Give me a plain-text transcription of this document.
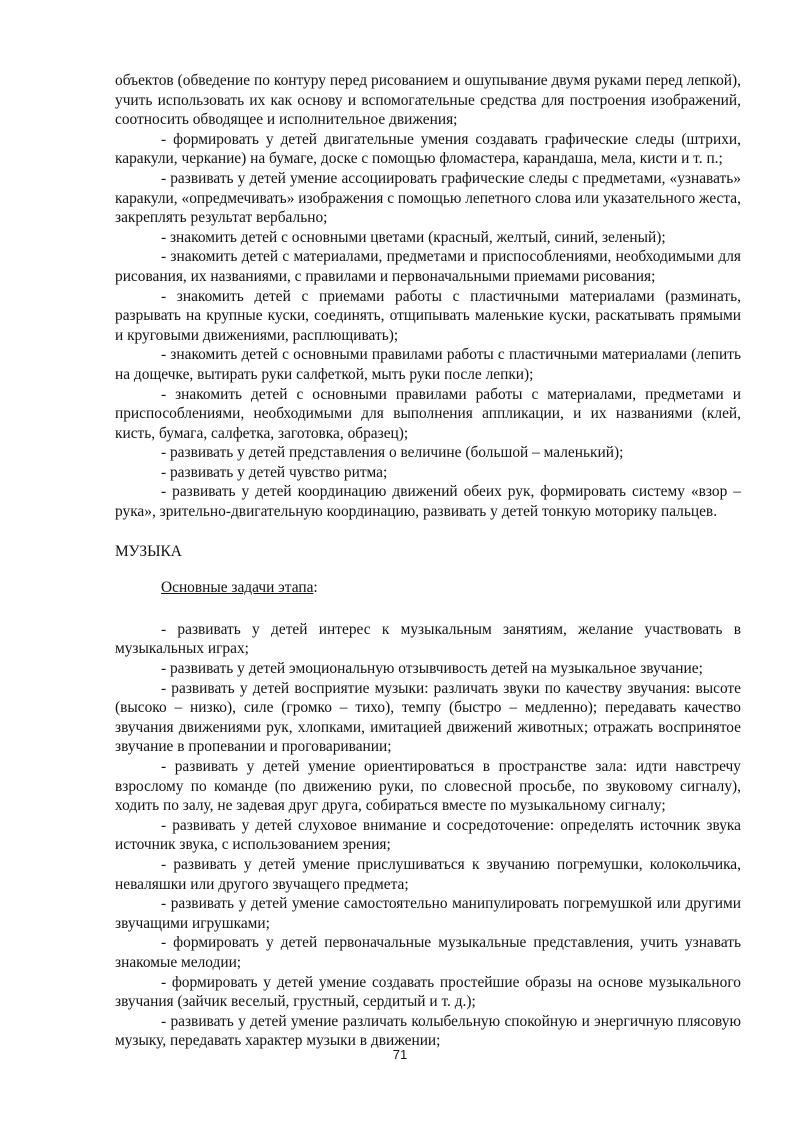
объектов (обведение по контуру перед рисованием и ошупывание двумя руками перед лепкой), учить использовать их как основу и вспомогательные средства для построения изображений, соотносить обводящее и исполнительное движения;

- формировать у детей двигательные умения создавать графические следы (штрихи, каракули, черкание) на бумаге, доске с помощью фломастера, карандаша, мела, кисти и т. п.;

- развивать у детей умение ассоциировать графические следы с предметами, «узнавать» каракули, «опредмечивать» изображения с помощью лепетного слова или указательного жеста, закреплять результат вербально;

- знакомить детей с основными цветами (красный, желтый, синий, зеленый);

- знакомить детей с материалами, предметами и приспособлениями, необходимыми для рисования, их названиями, с правилами и первоначальными приемами рисования;

- знакомить детей с приемами работы с пластичными материалами (разминать, разрывать на крупные куски, соединять, отщипывать маленькие куски, раскатывать прямыми и круговыми движениями, расплющивать);

- знакомить детей с основными правилами работы с пластичными материалами (лепить на дощечке, вытирать руки салфеткой, мыть руки после лепки);

- знакомить детей с основными правилами работы с материалами, предметами и приспособлениями, необходимыми для выполнения аппликации, и их названиями (клей, кисть, бумага, салфетка, заготовка, образец);

- развивать у детей представления о величине (большой – маленький);

- развивать у детей чувство ритма;

- развивать у детей координацию движений обеих рук, формировать систему «взор – рука», зрительно-двигательную координацию, развивать у детей тонкую моторику пальцев.

МУЗЫКА

Основные задачи этапа:

- развивать у детей интерес к музыкальным занятиям, желание участвовать в музыкальных играх;

- развивать у детей эмоциональную отзывчивость детей на музыкальное звучание;

- развивать у детей восприятие музыки: различать звуки по качеству звучания: высоте (высоко – низко), силе (громко – тихо), темпу (быстро – медленно); передавать качество звучания движениями рук, хлопками, имитацией движений животных; отражать воспринятое звучание в пропевании и проговаривании;

- развивать у детей умение ориентироваться в пространстве зала: идти навстречу взрослому по команде (по движению руки, по словесной просьбе, по звуковому сигналу), ходить по залу, не задевая друг друга, собираться вместе по музыкальному сигналу;

- развивать у детей слуховое внимание и сосредоточение: определять источник звука источник звука, с использованием зрения;

- развивать у детей умение прислушиваться к звучанию погремушки, колокольчика, неваляшки или другого звучащего предмета;

- развивать у детей умение самостоятельно манипулировать погремушкой или другими звучащими игрушками;

- формировать у детей первоначальные музыкальные представления, учить узнавать знакомые мелодии;

- формировать у детей умение создавать простейшие образы на основе музыкального звучания (зайчик веселый, грустный, сердитый и т. д.);

- развивать у детей умение различать колыбельную спокойную и энергичную плясовую музыку, передавать характер музыки в движении;

71
